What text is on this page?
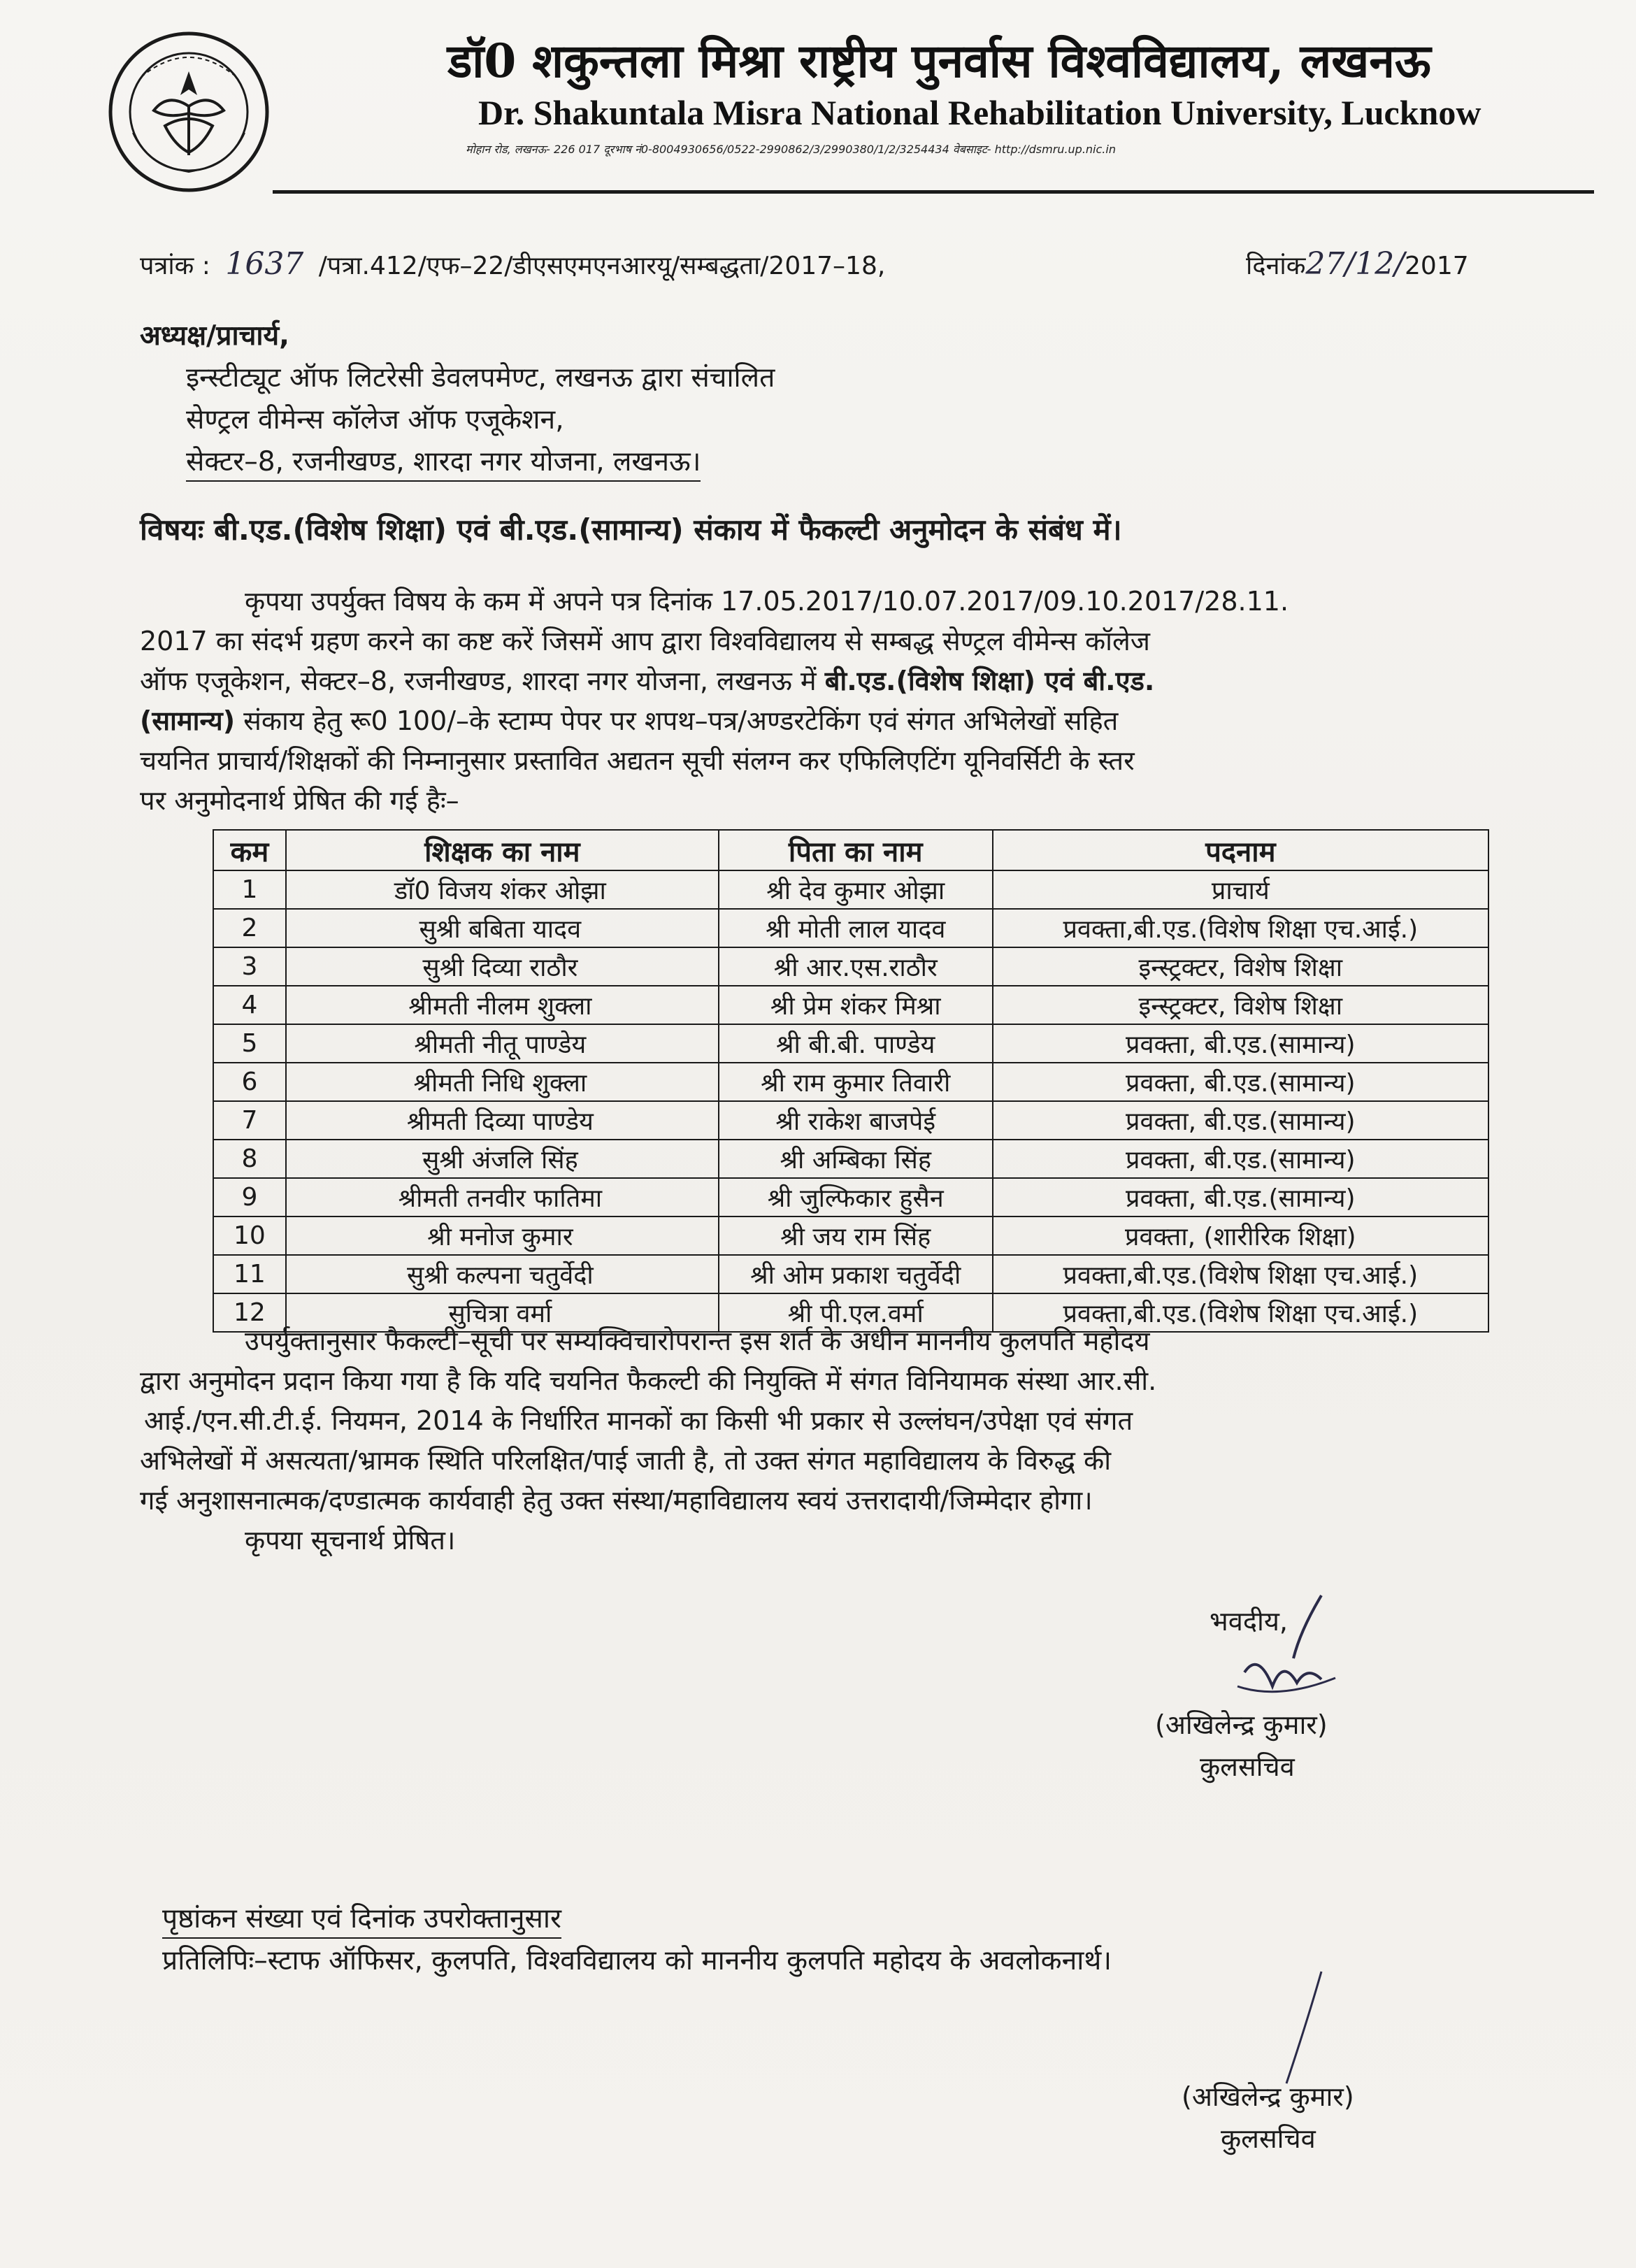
डॉ0 शकुन्तला मिश्रा राष्ट्रीय पुनर्वास विश्वविद्यालय, लखनऊ
Dr. Shakuntala Misra National Rehabilitation University, Lucknow
मोहान रोड, लखनऊ- 226 017 दूरभाष नं0-8004930656/0522-2990862/3/2990380/1/2/3254434 वेबसाइट- http://dsmru.up.nic.in
पत्रांक : 1637 /पत्रा.412/एफ–22/डीएसएमएनआरयू/सम्बद्धता/2017–18,	दिनांक27/12/2017
अध्यक्ष/प्राचार्य,
इन्स्टीट्यूट ऑफ लिटरेसी डेवलपमेण्ट, लखनऊ द्वारा संचालित
सेण्ट्रल वीमेन्स कॉलेज ऑफ एजूकेशन,
सेक्टर–8, रजनीखण्ड, शारदा नगर योजना, लखनऊ।
विषयः बी.एड.(विशेष शिक्षा) एवं बी.एड.(सामान्य) संकाय में फैकल्टी अनुमोदन के संबंध में।
कृपया उपर्युक्त विषय के कम में अपने पत्र दिनांक 17.05.2017/10.07.2017/09.10.2017/28.11.
2017 का संदर्भ ग्रहण करने का कष्ट करें जिसमें आप द्वारा विश्वविद्यालय से सम्बद्ध सेण्ट्रल वीमेन्स कॉलेज
ऑफ एजूकेशन, सेक्टर–8, रजनीखण्ड, शारदा नगर योजना, लखनऊ में बी.एड.(विशेष शिक्षा) एवं बी.एड.
(सामान्य) संकाय हेतु रू0 100/–के स्टाम्प पेपर पर शपथ–पत्र/अण्डरटेकिंग एवं संगत अभिलेखों सहित
चयनित प्राचार्य/शिक्षकों की निम्नानुसार प्रस्तावित अद्यतन सूची संलग्न कर एफिलिएटिंग यूनिवर्सिटी के स्तर
पर अनुमोदनार्थ प्रेषित की गई हैः–
कम	शिक्षक का नाम	पिता का नाम	पदनाम
1	डॉ0 विजय शंकर ओझा	श्री देव कुमार ओझा	प्राचार्य
2	सुश्री बबिता यादव	श्री मोती लाल यादव	प्रवक्ता,बी.एड.(विशेष शिक्षा एच.आई.)
3	सुश्री दिव्या राठौर	श्री आर.एस.राठौर	इन्स्ट्रक्टर, विशेष शिक्षा
4	श्रीमती नीलम शुक्ला	श्री प्रेम शंकर मिश्रा	इन्स्ट्रक्टर, विशेष शिक्षा
5	श्रीमती नीतू पाण्डेय	श्री बी.बी. पाण्डेय	प्रवक्ता, बी.एड.(सामान्य)
6	श्रीमती निधि शुक्ला	श्री राम कुमार तिवारी	प्रवक्ता, बी.एड.(सामान्य)
7	श्रीमती दिव्या पाण्डेय	श्री राकेश बाजपेई	प्रवक्ता, बी.एड.(सामान्य)
8	सुश्री अंजलि सिंह	श्री अम्बिका सिंह	प्रवक्ता, बी.एड.(सामान्य)
9	श्रीमती तनवीर फातिमा	श्री जुल्फिकार हुसैन	प्रवक्ता, बी.एड.(सामान्य)
10	श्री मनोज कुमार	श्री जय राम सिंह	प्रवक्ता, (शारीरिक शिक्षा)
11	सुश्री कल्पना चतुर्वेदी	श्री ओम प्रकाश चतुर्वेदी	प्रवक्ता,बी.एड.(विशेष शिक्षा एच.आई.)
12	सुचित्रा वर्मा	श्री पी.एल.वर्मा	प्रवक्ता,बी.एड.(विशेष शिक्षा एच.आई.)
उपर्युक्तानुसार फैकल्टी–सूची पर सम्यक्विचारोपरान्त इस शर्त के अधीन माननीय कुलपति महोदय
द्वारा अनुमोदन प्रदान किया गया है कि यदि चयनित फैकल्टी की नियुक्ति में संगत विनियामक संस्था आर.सी.
आई./एन.सी.टी.ई. नियमन, 2014 के निर्धारित मानकों का किसी भी प्रकार से उल्लंघन/उपेक्षा एवं संगत
अभिलेखों में असत्यता/भ्रामक स्थिति परिलक्षित/पाई जाती है, तो उक्त संगत महाविद्यालय के विरुद्ध की
गई अनुशासनात्मक/दण्डात्मक कार्यवाही हेतु उक्त संस्था/महाविद्यालय स्वयं उत्तरादायी/जिम्मेदार होगा।
कृपया सूचनार्थ प्रेषित।
भवदीय,
(अखिलेन्द्र कुमार)
कुलसचिव
पृष्ठांकन संख्या एवं दिनांक उपरोक्तानुसार
प्रतिलिपिः–स्टाफ ऑफिसर, कुलपति, विश्वविद्यालय को माननीय कुलपति महोदय के अवलोकनार्थ।
(अखिलेन्द्र कुमार)
कुलसचिव
